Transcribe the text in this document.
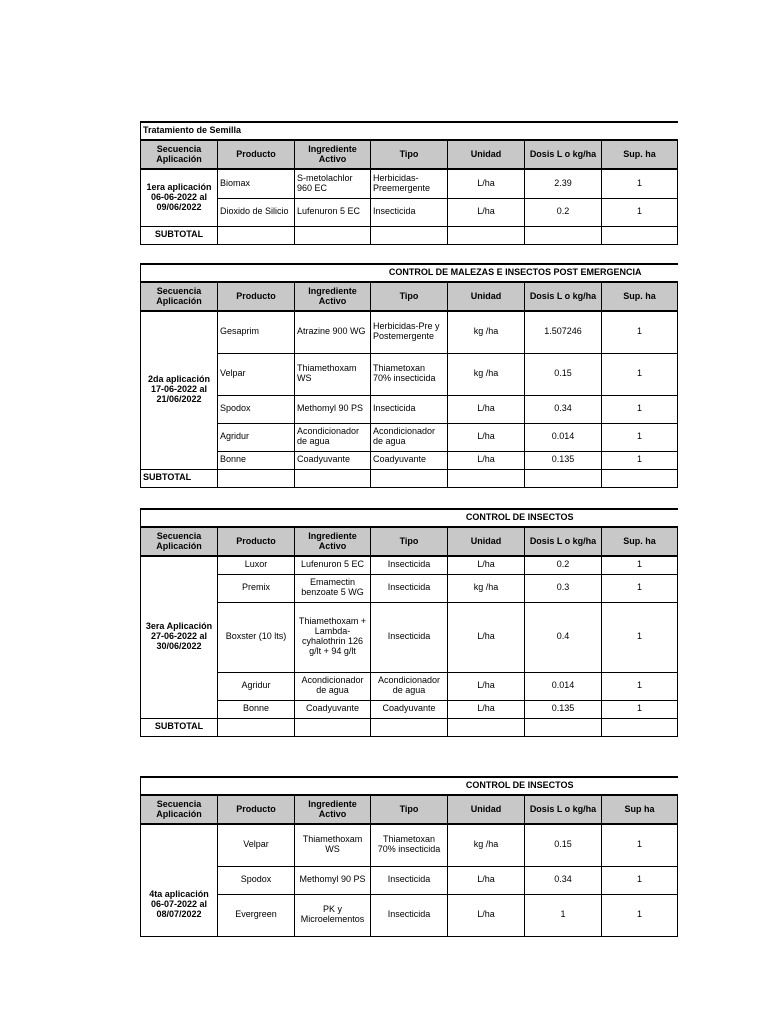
Tratamiento de Semilla						
Secuencia Aplicación	Producto	Ingrediente Activo	Tipo	Unidad	Dosis L o kg/ha	Sup. ha
1era aplicación 06-06-2022 al 09/06/2022	Biomax	S-metolachlor 960 EC	Herbicidas-Preemergente	L/ha	2.39	1
	Dioxido de Silicio	Lufenuron 5 EC	Insecticida	L/ha	0.2	1
SUBTOTAL						
CONTROL DE MALEZAS E INSECTOS POST EMERGENCIA						
Secuencia Aplicación	Producto	Ingrediente Activo	Tipo	Unidad	Dosis L o kg/ha	Sup. ha
2da aplicación 17-06-2022 al 21/06/2022	Gesaprim	Atrazine 900 WG	Herbicidas-Pre y Postemergente	kg /ha	1.507246	1
	Velpar	Thiamethoxam WS	Thiametoxan 70% insecticida	kg /ha	0.15	1
	Spodox	Methomyl 90 PS	Insecticida	L/ha	0.34	1
	Agridur	Acondicionador de agua	Acondicionador de agua	L/ha	0.014	1
	Bonne	Coadyuvante	Coadyuvante	L/ha	0.135	1
SUBTOTAL						
CONTROL DE INSECTOS						
Secuencia Aplicación	Producto	Ingrediente Activo	Tipo	Unidad	Dosis L o kg/ha	Sup. ha
3era Aplicación 27-06-2022 al 30/06/2022	Luxor	Lufenuron 5 EC	Insecticida	L/ha	0.2	1
	Premix	Emamectin benzoate 5 WG	Insecticida	kg /ha	0.3	1
	Boxster (10 lts)	Thiamethoxam + Lambda-cyhalothrin 126 g/lt + 94 g/lt	Insecticida	L/ha	0.4	1
	Agridur	Acondicionador de agua	Acondicionador de agua	L/ha	0.014	1
	Bonne	Coadyuvante	Coadyuvante	L/ha	0.135	1
SUBTOTAL						
CONTROL DE INSECTOS						
Secuencia Aplicación	Producto	Ingrediente Activo	Tipo	Unidad	Dosis L o kg/ha	Sup ha
4ta aplicación 06-07-2022 al 08/07/2022	Velpar	Thiamethoxam WS	Thiametoxan 70% insecticida	kg /ha	0.15	1
	Spodox	Methomyl 90 PS	Insecticida	L/ha	0.34	1
	Evergreen	PK y Microelementos	Insecticida	L/ha	1	1
